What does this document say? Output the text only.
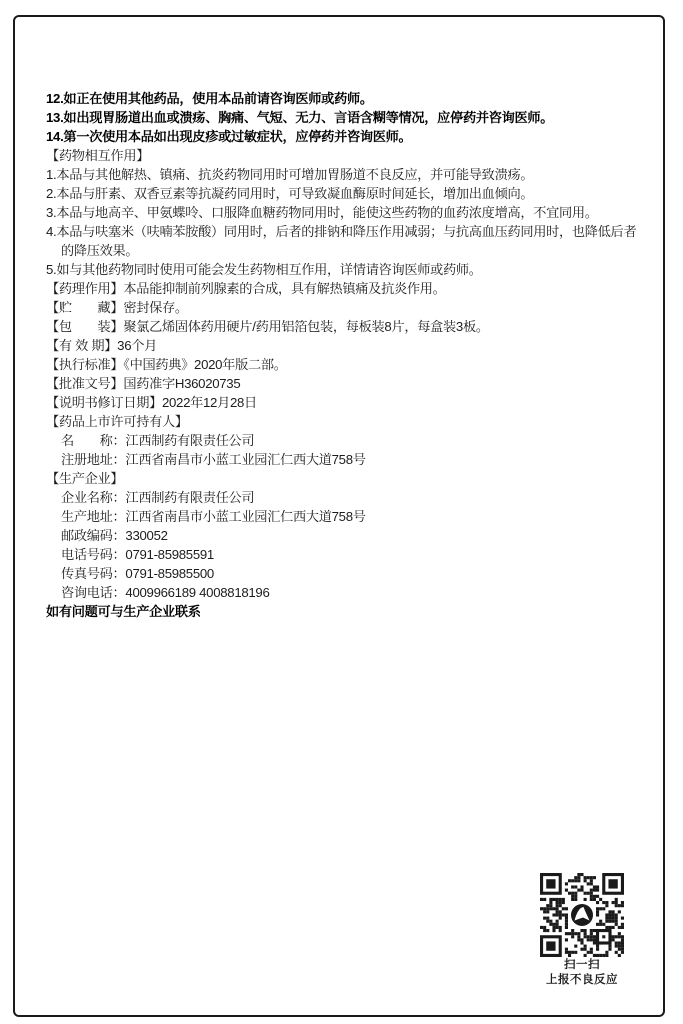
12.如正在使用其他药品，使用本品前请咨询医师或药师。

13.如出现胃肠道出血或溃疡、胸痛、气短、无力、言语含糊等情况，应停药并咨询医师。

14.第一次使用本品如出现皮疹或过敏症状，应停药并咨询医师。

【药物相互作用】

1.本品与其他解热、镇痛、抗炎药物同用时可增加胃肠道不良反应，并可能导致溃疡。

2.本品与肝素、双香豆素等抗凝药同用时，可导致凝血酶原时间延长，增加出血倾向。

3.本品与地高辛、甲氨蝶呤、口服降血糖药物同用时，能使这些药物的血药浓度增高，不宜同用。

4.本品与呋塞米（呋喃苯胺酸）同用时，后者的排钠和降压作用减弱；与抗高血压药同用时，也降低后者

的降压效果。

5.如与其他药物同时使用可能会发生药物相互作用，详情请咨询医师或药师。

【药理作用】本品能抑制前列腺素的合成，具有解热镇痛及抗炎作用。

【贮　　藏】密封保存。

【包　　装】聚氯乙烯固体药用硬片/药用铝箔包装，每板装8片，每盒装3板。

【有 效 期】36个月

【执行标准】《中国药典》2020年版二部。

【批准文号】国药准字H36020735

【说明书修订日期】2022年12月28日

【药品上市许可持有人】

名　　称：江西制药有限责任公司

注册地址：江西省南昌市小蓝工业园汇仁西大道758号

【生产企业】

企业名称：江西制药有限责任公司

生产地址：江西省南昌市小蓝工业园汇仁西大道758号

邮政编码：330052

电话号码：0791-85985591

传真号码：0791-85985500

咨询电话：4009966189 4008818196

如有问题可与生产企业联系

扫一扫
上报不良反应
